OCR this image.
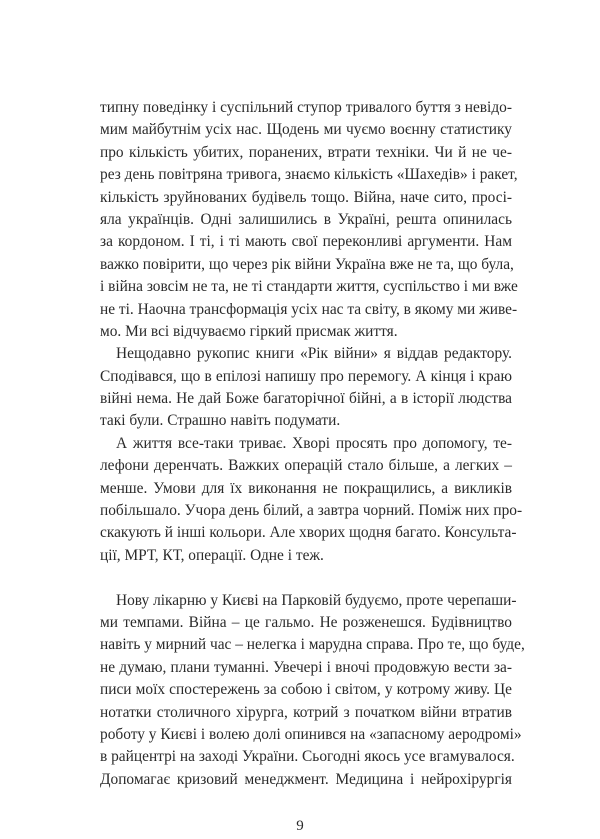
типну поведінку і суспільний ступор тривалого буття з невідо-
мим майбутнім усіх нас. Щодень ми чуємо воєнну статистику
про кількість убитих, поранених, втрати техніки. Чи й не че-
рез день повітряна тривога, знаємо кількість «Шахедів» і ракет,
кількість зруйнованих будівель тощо. Війна, наче сито, просі-
яла українців. Одні залишились в Україні, решта опинилась
за кордоном. І ті, і ті мають свої переконливі аргументи. Нам
важко повірити, що через рік війни Україна вже не та, що була,
і війна зовсім не та, не ті стандарти життя, суспільство і ми вже
не ті. Наочна трансформація усіх нас та світу, в якому ми живе-
мо. Ми всі відчуваємо гіркий присмак життя.
Нещодавно рукопис книги «Рік війни» я віддав редактору.
Сподівався, що в епілозі напишу про перемогу. А кінця і краю
війні нема. Не дай Боже багаторічної бійні, а в історії людства
такі були. Страшно навіть подумати.
А життя все-таки триває. Хворі просять про допомогу, те-
лефони деренчать. Важких операцій стало більше, а легких –
менше. Умови для їх виконання не покращились, а викликів
побільшало. Учора день білий, а завтра чорний. Поміж них про-
скакують й інші кольори. Але хворих щодня багато. Консульта-
ції, МРТ, КТ, операції. Одне і теж.
Нову лікарню у Києві на Парковій будуємо, проте черепаши-
ми темпами. Війна – це гальмо. Не розженешся. Будівництво
навіть у мирний час – нелегка і марудна справа. Про те, що буде,
не думаю, плани туманні. Увечері і вночі продовжую вести за-
писи моїх спостережень за собою і світом, у котрому живу. Це
нотатки столичного хірурга, котрий з початком війни втратив
роботу у Києві і волею долі опинився на «запасному аеродромі»
в райцентрі на заході України. Сьогодні якось усе вгамувалося.
Допомагає кризовий менеджмент. Медицина і нейрохірургія
9
